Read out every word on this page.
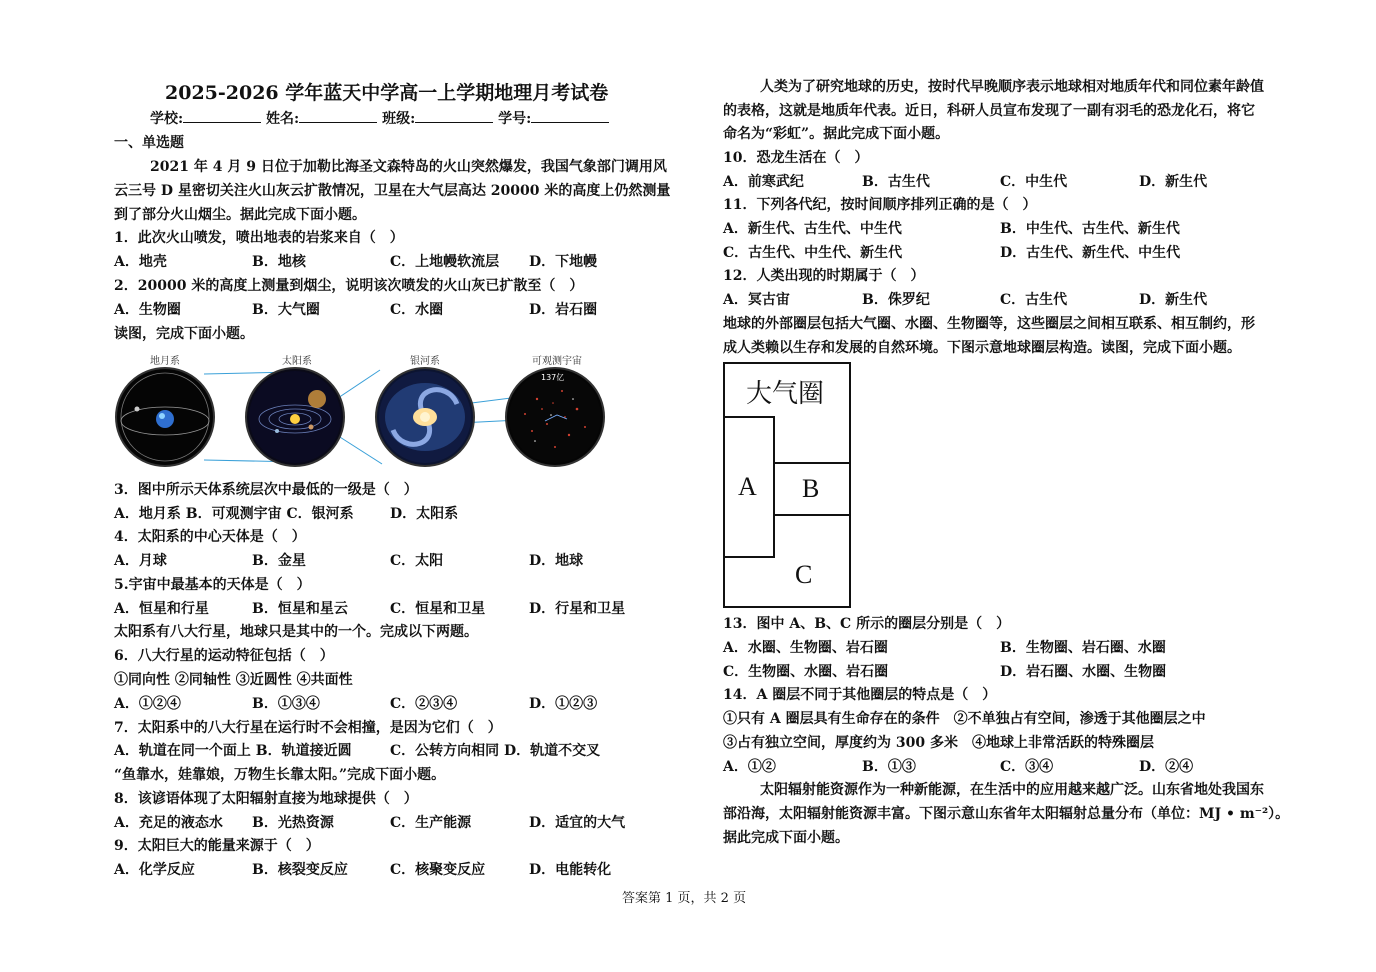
2025-2026 学年蓝天中学高一上学期地理月考试卷
学校:	姓名:	班级:	学号:
一、单选题
2021 年 4 月 9 日位于加勒比海圣文森特岛的火山突然爆发，我国气象部门调用风
云三号 D 星密切关注火山灰云扩散情况，卫星在大气层高达 20000 米的高度上仍然测量
到了部分火山烟尘。据此完成下面小题。
1．此次火山喷发，喷出地表的岩浆来自（　）
A．地壳	B．地核	C．上地幔软流层 D．下地幔
2．20000 米的高度上测量到烟尘，说明该次喷发的火山灰已扩散至（　）
A．生物圈	B．大气圈	C．水圈	D．岩石圈
读图，完成下面小题。
地月系	太阳系	银河系	可观测宇宙
137亿
3．图中所示天体系统层次中最低的一级是（　）
A．地月系 B．可观测宇宙 C．银河系	D．太阳系
4．太阳系的中心天体是（　）
A．月球	B．金星	C．太阳	D．地球
5.宇宙中最基本的天体是（　）
A．恒星和行星	B．恒星和星云	C．恒星和卫星	D．行星和卫星
太阳系有八大行星，地球只是其中的一个。完成以下两题。
6．八大行星的运动特征包括（　）
①同向性 ②同轴性 ③近圆性 ④共面性
A．①②④	B．①③④	C．②③④	D．①②③
7．太阳系中的八大行星在运行时不会相撞，是因为它们（　）
A．轨道在同一个面上 B．轨道接近圆	C．公转方向相同 D．轨道不交叉
“鱼靠水，娃靠娘，万物生长靠太阳。”完成下面小题。
8．该谚语体现了太阳辐射直接为地球提供（　）
A．充足的液态水 B．光热资源	C．生产能源	D．适宜的大气
9．太阳巨大的能量来源于（　）
A．化学反应	B．核裂变反应	C．核聚变反应	D．电能转化
人类为了研究地球的历史，按时代早晚顺序表示地球相对地质年代和同位素年龄值
的表格，这就是地质年代表。近日，科研人员宣布发现了一副有羽毛的恐龙化石，将它
命名为“彩虹”。据此完成下面小题。
10．恐龙生活在（　）
A．前寒武纪	B．古生代	C．中生代	D．新生代
11．下列各代纪，按时间顺序排列正确的是（　）
A．新生代、古生代、中生代	B．中生代、古生代、新生代
C．古生代、中生代、新生代	D．古生代、新生代、中生代
12．人类出现的时期属于（　）
A．冥古宙	B．侏罗纪	C．古生代	D．新生代
地球的外部圈层包括大气圈、水圈、生物圈等，这些圈层之间相互联系、相互制约，形
成人类赖以生存和发展的自然环境。下图示意地球圈层构造。读图，完成下面小题。
大气圈
A B
C
13．图中 A、B、C 所示的圈层分别是（　）
A．水圈、生物圈、岩石圈	B．生物圈、岩石圈、水圈
C．生物圈、水圈、岩石圈	D．岩石圈、水圈、生物圈
14．A 圈层不同于其他圈层的特点是（　）
①只有 A 圈层具有生命存在的条件　②不单独占有空间，渗透于其他圈层之中
③占有独立空间，厚度约为 300 多米　④地球上非常活跃的特殊圈层
A．①②	B．①③	C．③④	D．②④
太阳辐射能资源作为一种新能源，在生活中的应用越来越广泛。山东省地处我国东
部沿海，太阳辐射能资源丰富。下图示意山东省年太阳辐射总量分布（单位：MJ • m⁻²）。
据此完成下面小题。
答案第 1 页，共 2 页
